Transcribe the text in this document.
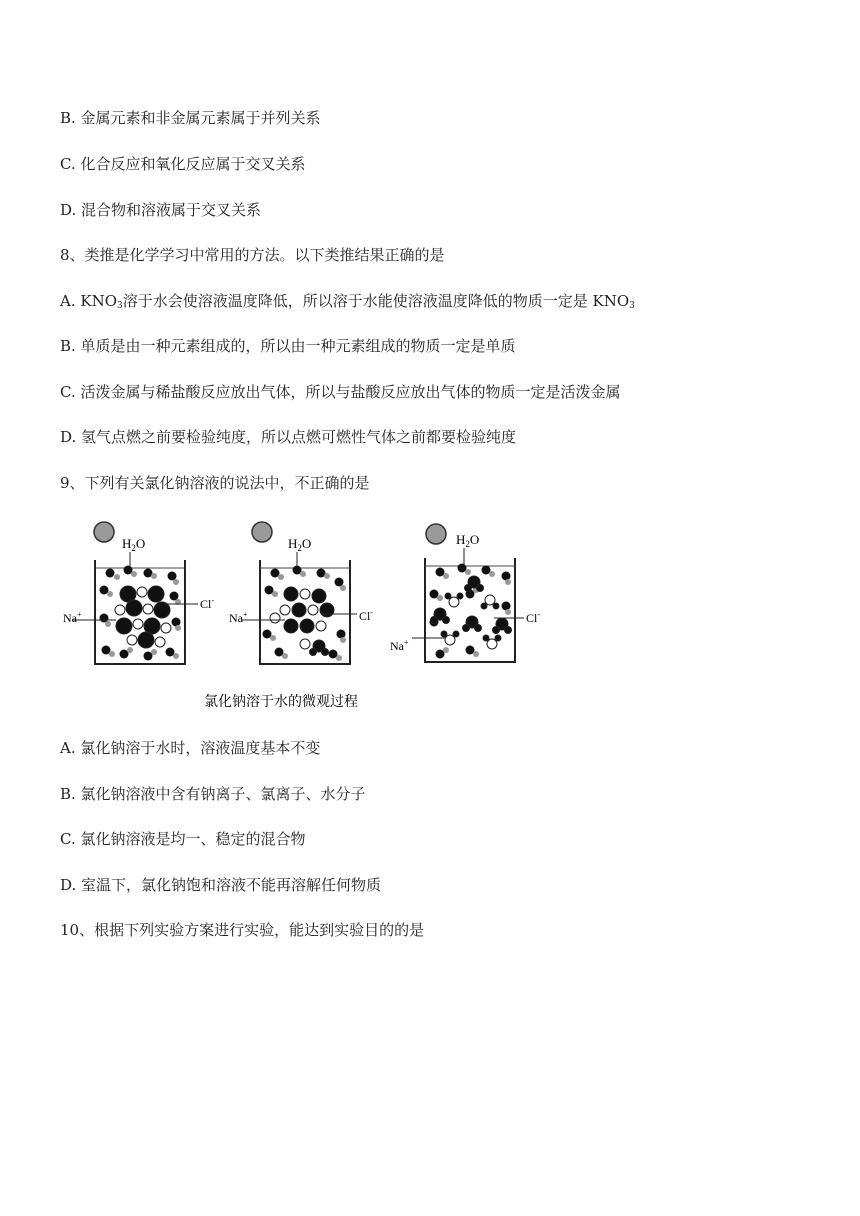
B. 金属元素和非金属元素属于并列关系
C. 化合反应和氧化反应属于交叉关系
D. 混合物和溶液属于交叉关系
8、类推是化学学习中常用的方法。以下类推结果正确的是
A. $KNO_3$溶于水会使溶液温度降低，所以溶于水能使溶液温度降低的物质一定是 $KNO_3$
B. 单质是由一种元素组成的，所以由一种元素组成的物质一定是单质
C. 活泼金属与稀盐酸反应放出气体，所以与盐酸反应放出气体的物质一定是活泼金属
D. 氢气点燃之前要检验纯度，所以点燃可燃性气体之前都要检验纯度
9、下列有关氯化钠溶液的说法中，不正确的是
$H_2O$
Na+
Cl-
$H_2O$
Na+	Cl-
$H_2O$
Na+
Cl-
氯化钠溶于水的微观过程
A. 氯化钠溶于水时，溶液温度基本不变
B. 氯化钠溶液中含有钠离子、氯离子、水分子
C. 氯化钠溶液是均一、稳定的混合物
D. 室温下，氯化钠饱和溶液不能再溶解任何物质
10、根据下列实验方案进行实验，能达到实验目的的是
